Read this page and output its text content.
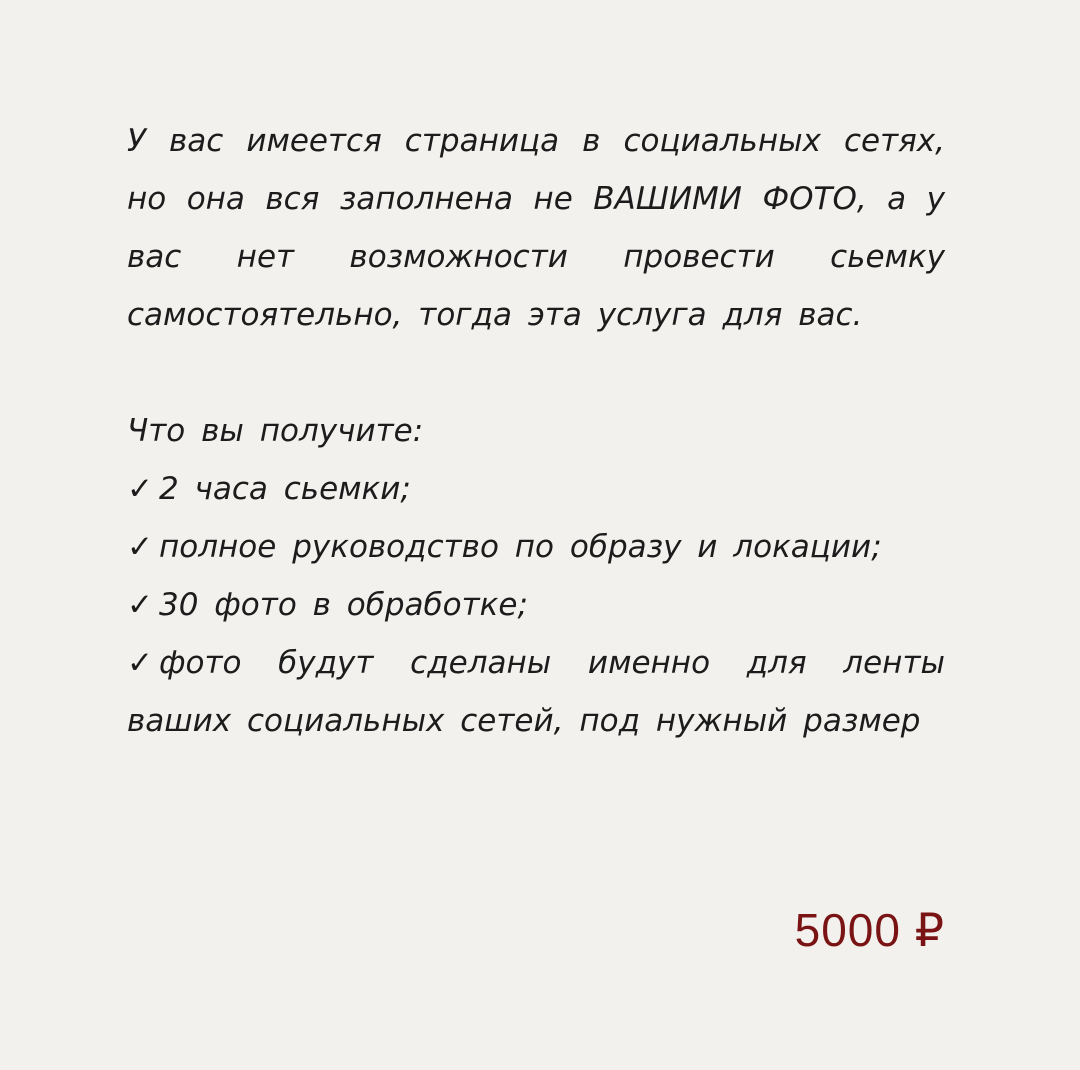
У вас имеется страница в социальных сетях, но она вся заполнена не ВАШИМИ ФОТО, а у вас нет возможности провести сьемку самостоятельно, тогда эта услуга для вас.

Что вы получите:

✓ 2 часа сьемки;
✓ полное руководство по образу и локации;
✓ 30 фото в обработке;
✓ фото будут сделаны именно для ленты ваших социальных сетей, под нужный размер
5000 ₽
